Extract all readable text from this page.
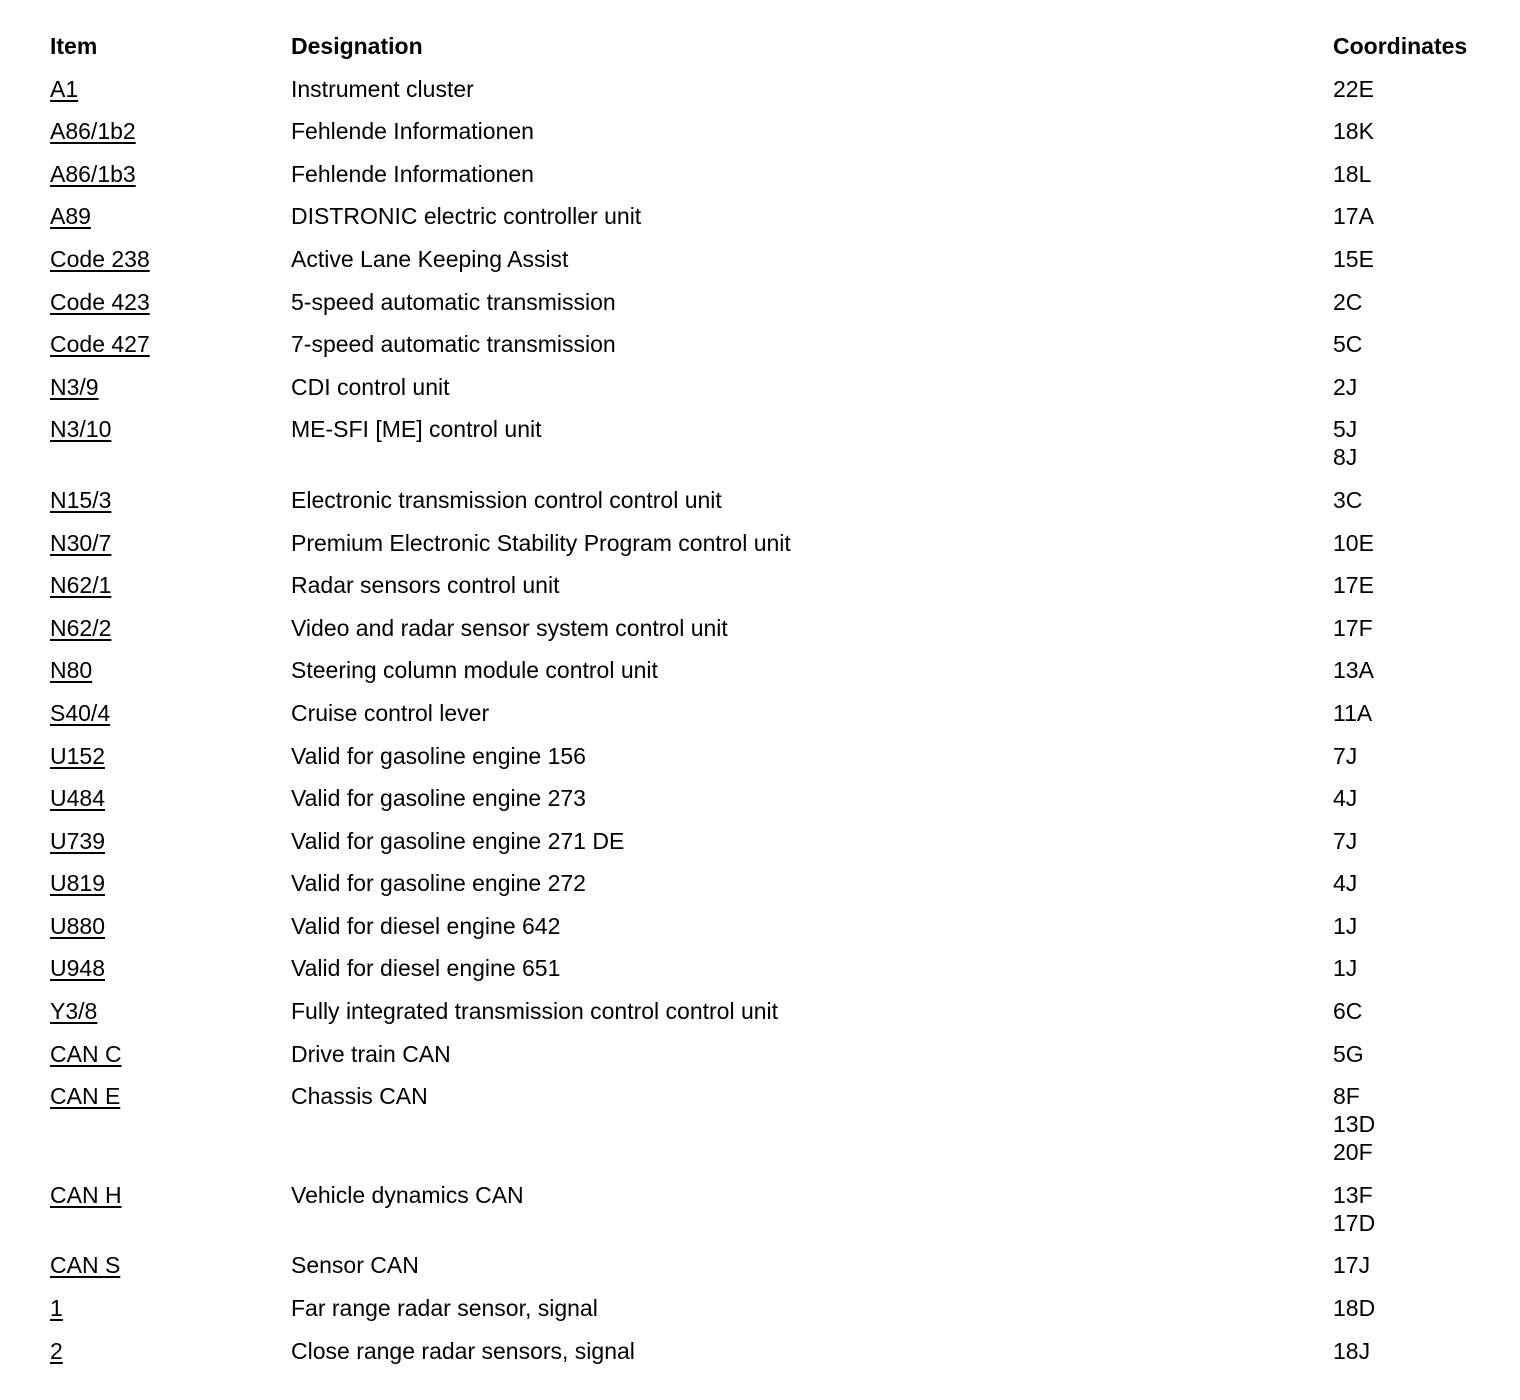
Item	Designation	Coordinates
A1	Instrument cluster	22E
A86/1b2	Fehlende Informationen	18K
A86/1b3	Fehlende Informationen	18L
A89	DISTRONIC electric controller unit	17A
Code 238	Active Lane Keeping Assist	15E
Code 423	5-speed automatic transmission	2C
Code 427	7-speed automatic transmission	5C
N3/9	CDI control unit	2J
N3/10	ME-SFI [ME] control unit	5J
8J
N15/3	Electronic transmission control control unit	3C
N30/7	Premium Electronic Stability Program control unit	10E
N62/1	Radar sensors control unit	17E
N62/2	Video and radar sensor system control unit	17F
N80	Steering column module control unit	13A
S40/4	Cruise control lever	11A
U152	Valid for gasoline engine 156	7J
U484	Valid for gasoline engine 273	4J
U739	Valid for gasoline engine 271 DE	7J
U819	Valid for gasoline engine 272	4J
U880	Valid for diesel engine 642	1J
U948	Valid for diesel engine 651	1J
Y3/8	Fully integrated transmission control control unit	6C
CAN C	Drive train CAN	5G
CAN E	Chassis CAN	8F
13D
20F
CAN H	Vehicle dynamics CAN	13F
17D
CAN S	Sensor CAN	17J
1	Far range radar sensor, signal	18D
2	Close range radar sensors, signal	18J
